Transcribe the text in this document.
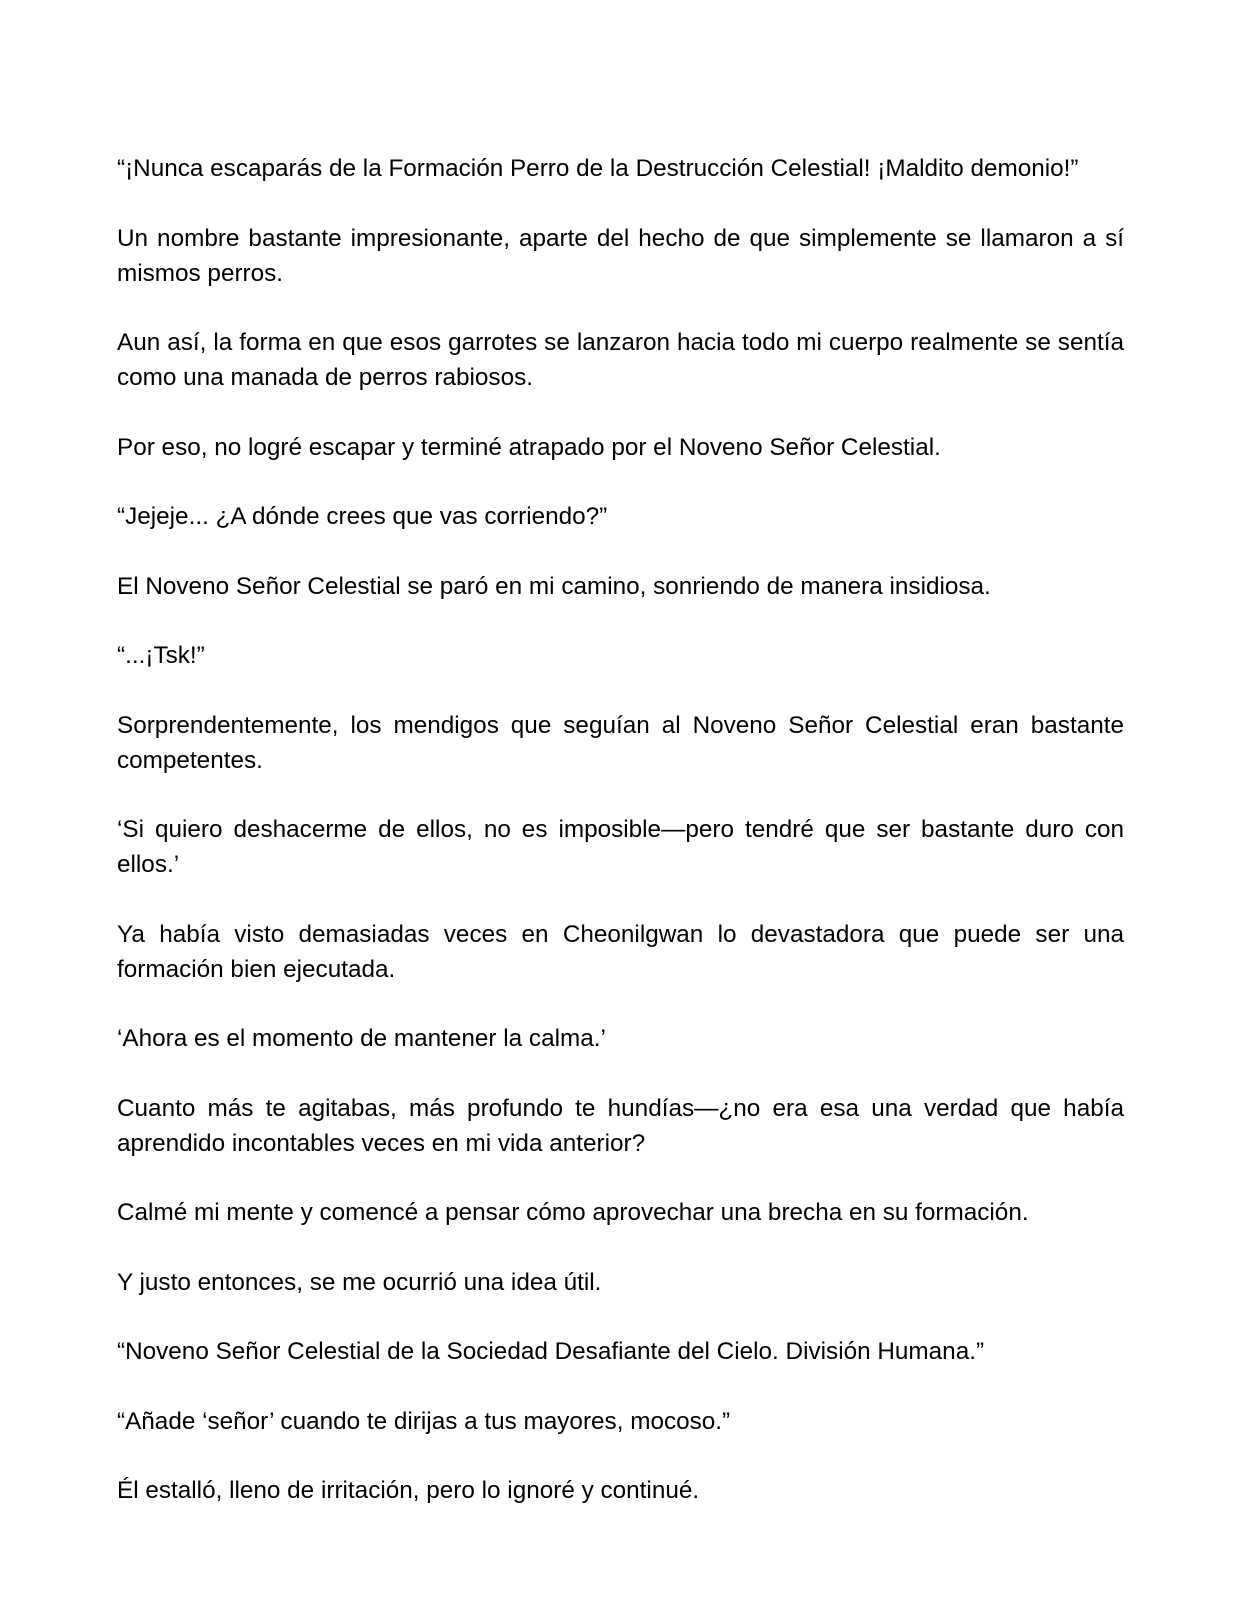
“¡Nunca escaparás de la Formación Perro de la Destrucción Celestial! ¡Maldito demonio!”

Un nombre bastante impresionante, aparte del hecho de que simplemente se llamaron a sí mismos perros.

Aun así, la forma en que esos garrotes se lanzaron hacia todo mi cuerpo realmente se sentía como una manada de perros rabiosos.

Por eso, no logré escapar y terminé atrapado por el Noveno Señor Celestial.

“Jejeje... ¿A dónde crees que vas corriendo?”

El Noveno Señor Celestial se paró en mi camino, sonriendo de manera insidiosa.

“...¡Tsk!”

Sorprendentemente, los mendigos que seguían al Noveno Señor Celestial eran bastante competentes.

‘Si quiero deshacerme de ellos, no es imposible—pero tendré que ser bastante duro con ellos.’

Ya había visto demasiadas veces en Cheonilgwan lo devastadora que puede ser una formación bien ejecutada.

‘Ahora es el momento de mantener la calma.’

Cuanto más te agitabas, más profundo te hundías—¿no era esa una verdad que había aprendido incontables veces en mi vida anterior?

Calmé mi mente y comencé a pensar cómo aprovechar una brecha en su formación.

Y justo entonces, se me ocurrió una idea útil.

“Noveno Señor Celestial de la Sociedad Desafiante del Cielo. División Humana.”

“Añade ‘señor’ cuando te dirijas a tus mayores, mocoso.”

Él estalló, lleno de irritación, pero lo ignoré y continué.
